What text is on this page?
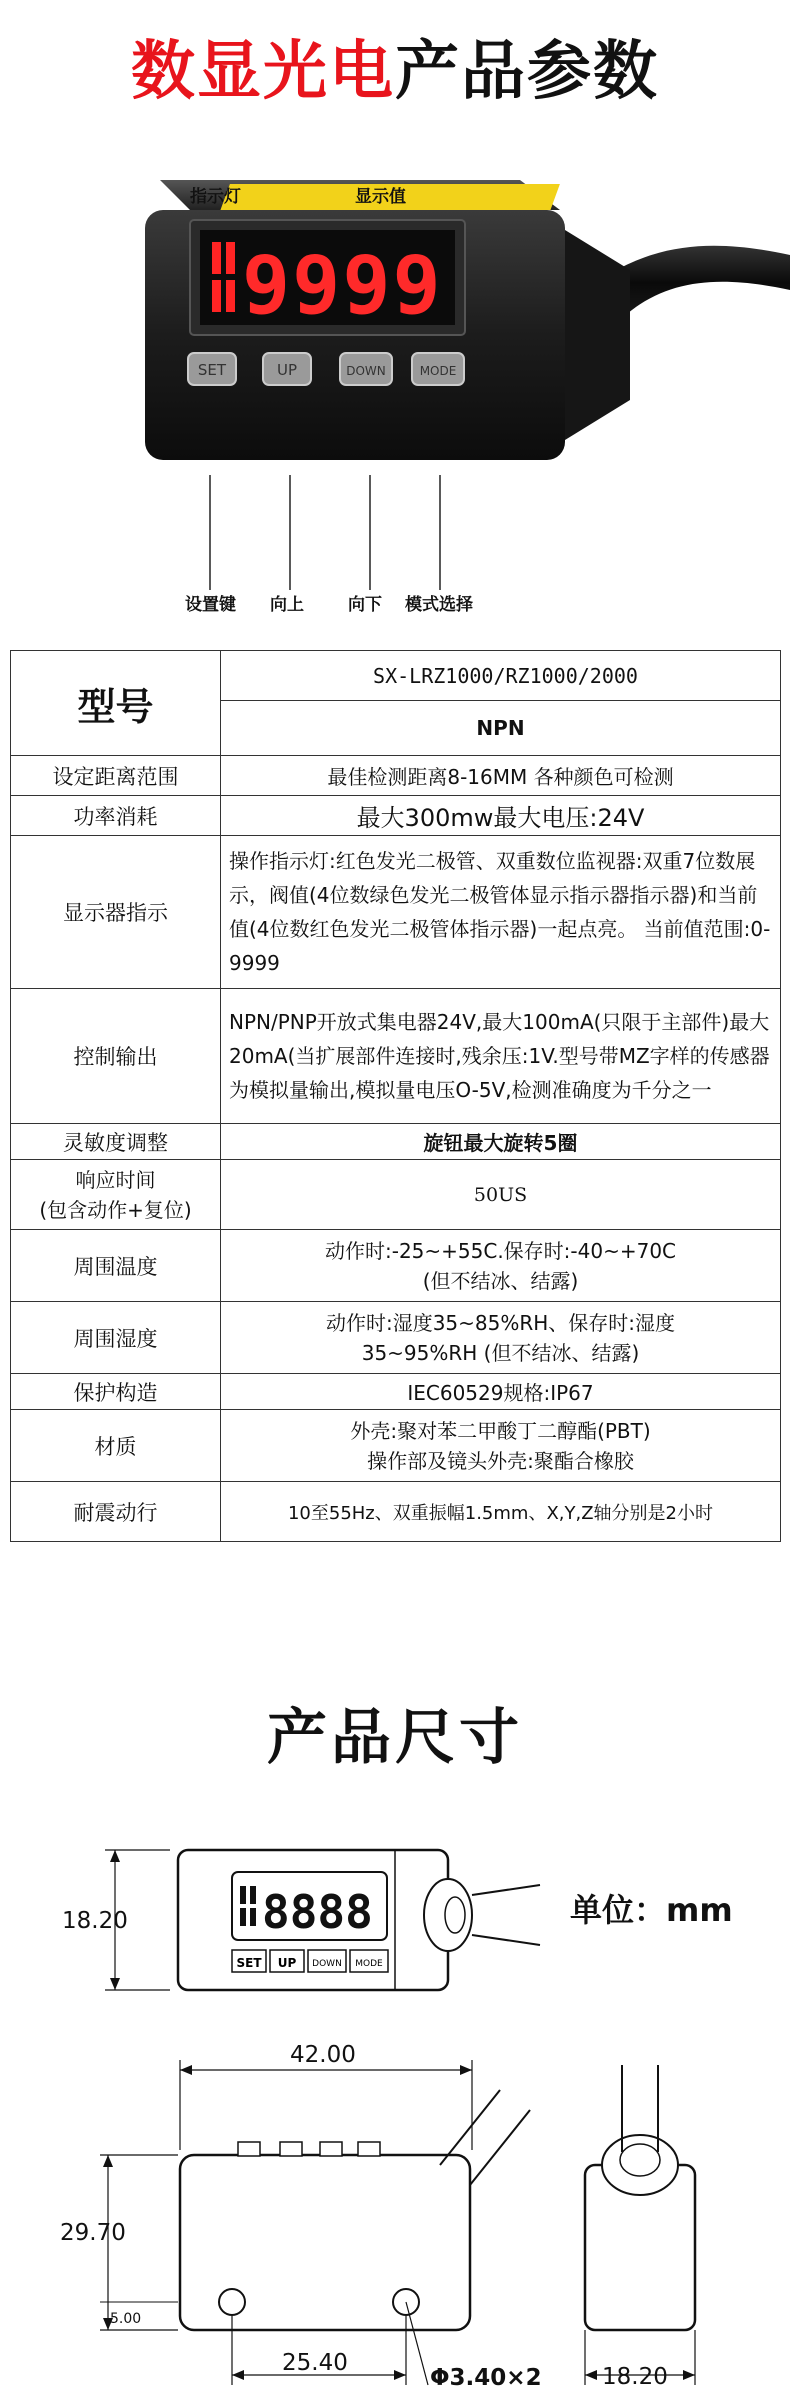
数显光电产品参数
9999
SET	UP	DOWN	MODE
指示灯	显示值
设置键 向上	向下 模式选择
型号	SX-LRZ1000/RZ1000/2000
	NPN
设定距离范围	最佳检测距离8-16MM 各种颜色可检测
功率消耗	最大300mw最大电压:24V
显示器指示	操作指示灯:红色发光二极管、双重数位监视器:双重7位数展示，阀值(4位数绿色发光二极管体显示指示器指示器)和当前值(4位数红色发光二极管体指示器)一起点亮。 当前值范围:0-9999
控制输出	NPN/PNP开放式集电器24V,最大100mA(只限于主部件)最大20mA(当扩展部件连接时,残余压:1V.型号带MZ字样的传感器为模拟量输出,模拟量电压O-5V,检测准确度为千分之一
灵敏度调整	旋钮最大旋转5圈
响应时间
(包含动作+复位)	50US
周围温度	动作时:-25~+55C.保存时:-40~+70C
(但不结冰、结露)
周围湿度	动作时:湿度35~85%RH、保存时:湿度
35~95%RH (但不结冰、结露)
保护构造	IEC60529规格:IP67
材质	外壳:聚对苯二甲酸丁二醇酯(PBT)
操作部及镜头外壳:聚酯合橡胶
耐震动行	10至55Hz、双重振幅1.5mm、X,Y,Z轴分别是2小时
产品尺寸
单位：mm
18.20	8888
SET UP DOWN MODE
42.00
29.70
5.00
25.40
Φ3.40×2	18.20
